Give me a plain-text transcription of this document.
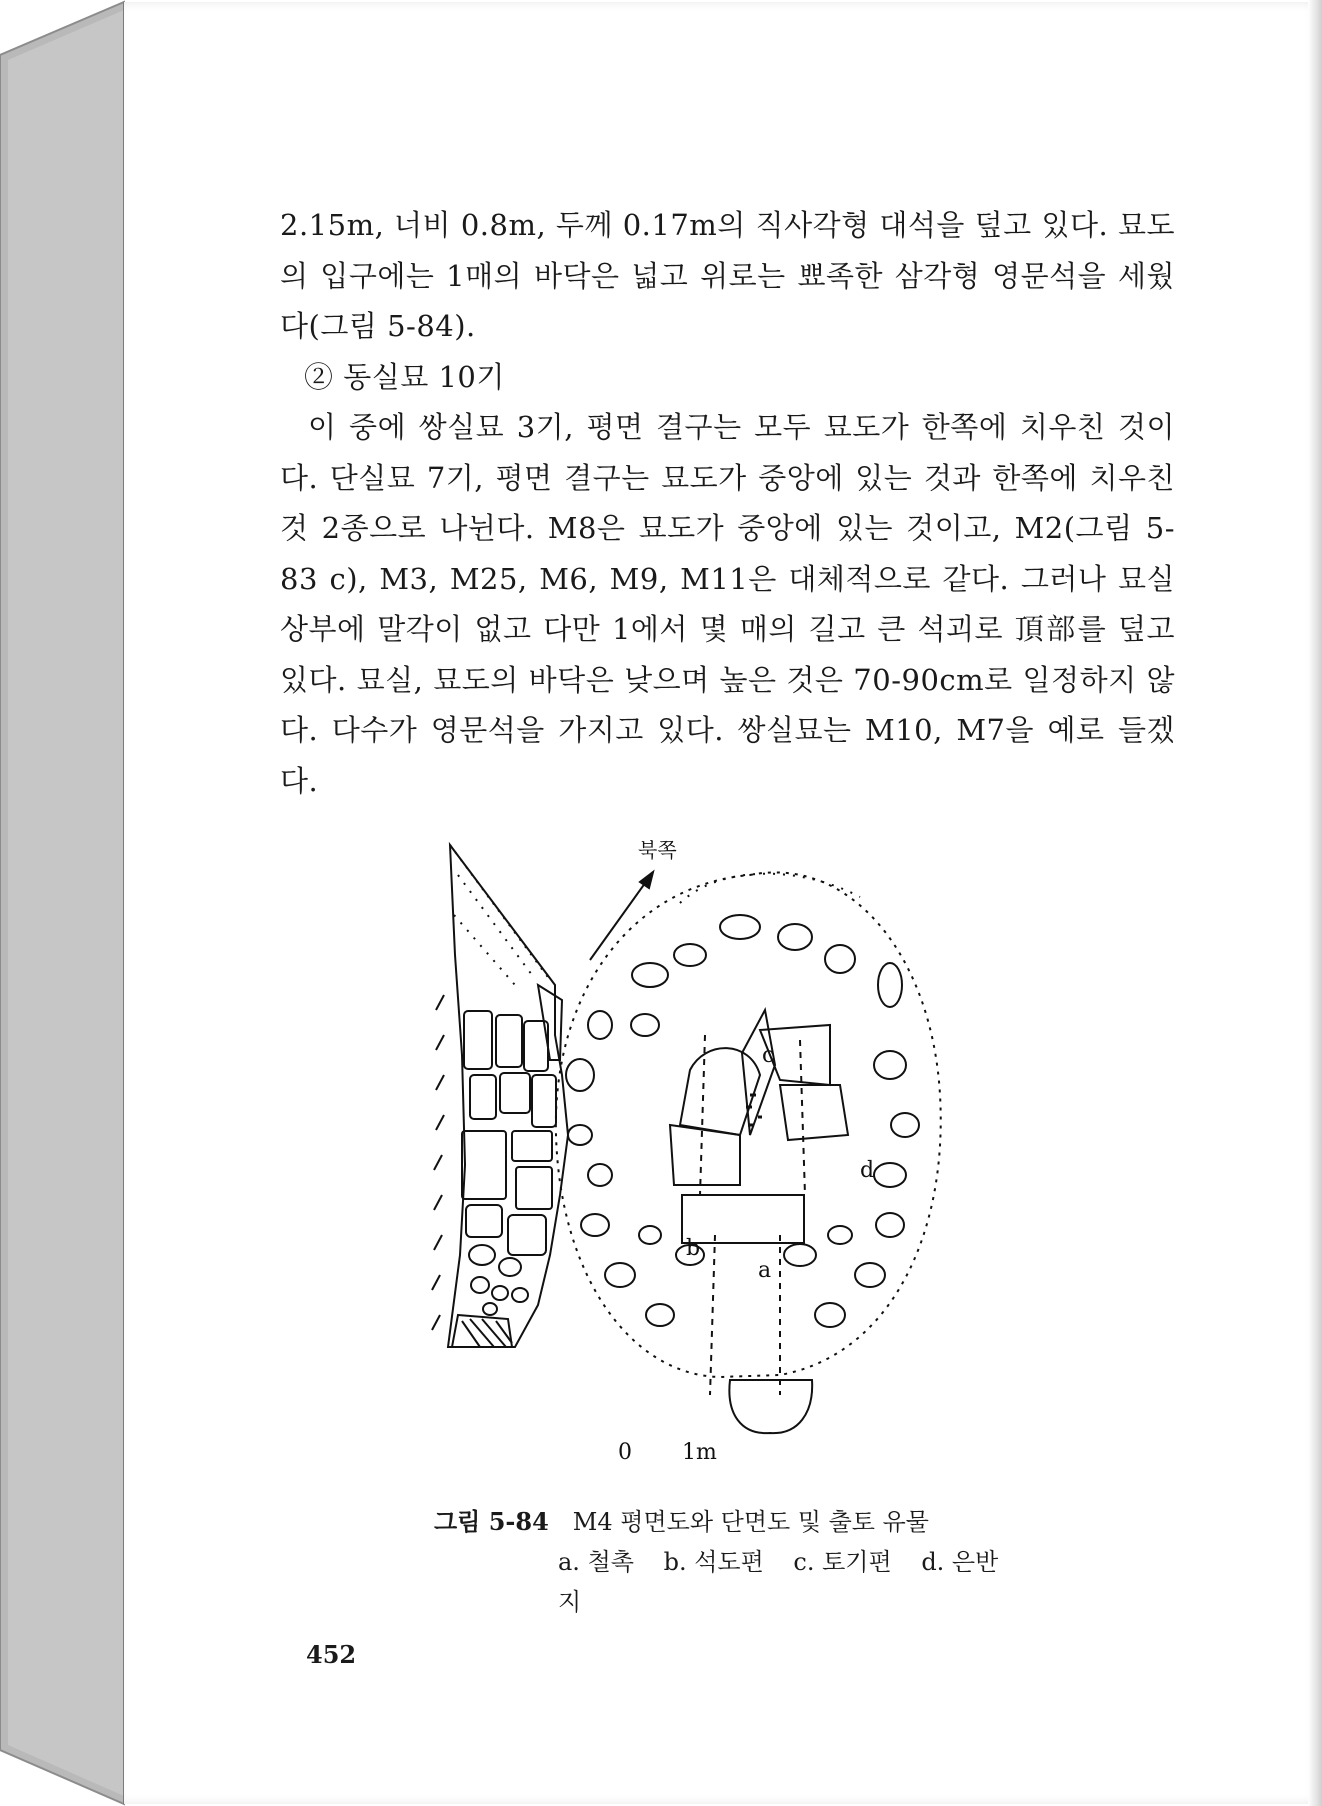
2.15m, 너비 0.8m, 두께 0.17m의 직사각형 대석을 덮고 있다. 묘도의 입구에는 1매의 바닥은 넓고 위로는 뾰족한 삼각형 영문석을 세웠다(그림 5-84).

② 동실묘 10기

이 중에 쌍실묘 3기, 평면 결구는 모두 묘도가 한쪽에 치우친 것이다. 단실묘 7기, 평면 결구는 묘도가 중앙에 있는 것과 한쪽에 치우친 것 2종으로 나뉜다. M8은 묘도가 중앙에 있는 것이고, M2(그림 5-83 c), M3, M25, M6, M9, M11은 대체적으로 같다. 그러나 묘실 상부에 말각이 없고 다만 1에서 몇 매의 길고 큰 석괴로 頂部를 덮고 있다. 묘실, 묘도의 바닥은 낮으며 높은 것은 70-90cm로 일정하지 않다. 다수가 영문석을 가지고 있다. 쌍실묘는 M10, M7을 예로 들겠다.

북쪽
0 1m
a
b
c
d
그림 5-84 M4 평면도와 단면도 및 출토 유물
a. 철촉 b. 석도편 c. 토기편 d. 은반지
452
